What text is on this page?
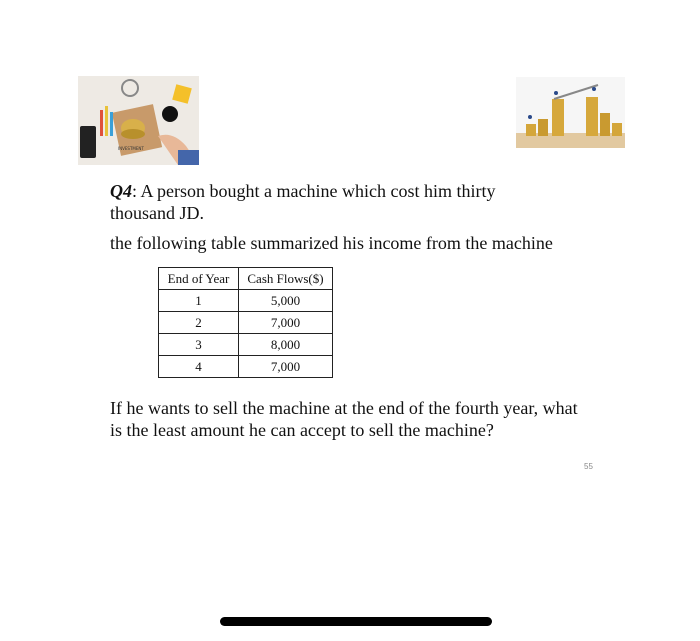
INVESTMENT
Q4: A person bought a machine which cost him thirty thousand JD.
the following table summarized his income from the machine
End of Year	Cash Flows($)
1	5,000
2	7,000
3	8,000
4	7,000
If he wants to sell the machine at the end of the fourth year, what is the least amount he can accept to sell the machine?
55
